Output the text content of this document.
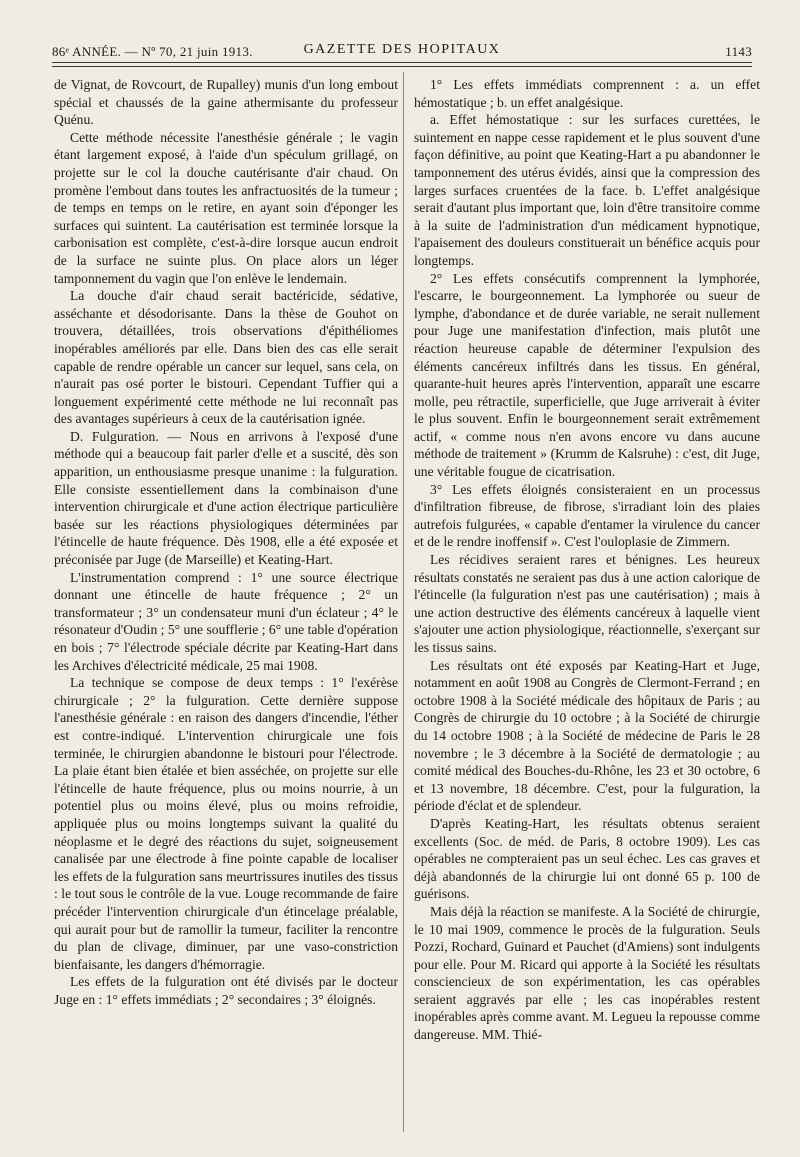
86ᵉ ANNÉE. — Nº 70, 21 juin 1913.	GAZETTE DES HOPITAUX	1143

de Vignat, de Rovcourt, de Rupalley) munis d'un long embout spécial et chaussés de la gaine athermisante du professeur Quénu.

Cette méthode nécessite l'anesthésie générale ; le vagin étant largement exposé, à l'aide d'un spéculum grillagé, on projette sur le col la douche cautérisante d'air chaud. On promène l'embout dans toutes les anfractuosités de la tumeur ; de temps en temps on le retire, en ayant soin d'éponger les surfaces qui suintent. La cautérisation est terminée lorsque la carbonisation est complète, c'est-à-dire lorsque aucun endroit de la surface ne suinte plus. On place alors un léger tamponnement du vagin que l'on enlève le lendemain.

La douche d'air chaud serait bactéricide, sédative, asséchante et désodorisante. Dans la thèse de Gouhot on trouvera, détaillées, trois observations d'épithéliomes inopérables améliorés par elle. Dans bien des cas elle serait capable de rendre opérable un cancer sur lequel, sans cela, on n'aurait pas osé porter le bistouri. Cependant Tuffier qui a longuement expérimenté cette méthode ne lui reconnaît pas des avantages supérieurs à ceux de la cautérisation ignée.

D. Fulguration. — Nous en arrivons à l'exposé d'une méthode qui a beaucoup fait parler d'elle et a suscité, dès son apparition, un enthousiasme presque unanime : la fulguration. Elle consiste essentiellement dans la combinaison d'une intervention chirurgicale et d'une action électrique particulière basée sur les réactions physiologiques déterminées par l'étincelle de haute fréquence. Dès 1908, elle a été exposée et préconisée par Juge (de Marseille) et Keating-Hart.

L'instrumentation comprend : 1° une source électrique donnant une étincelle de haute fréquence ; 2° un transformateur ; 3° un condensateur muni d'un éclateur ; 4° le résonateur d'Oudin ; 5° une soufflerie ; 6° une table d'opération en bois ; 7° l'électrode spéciale décrite par Keating-Hart dans les Archives d'électricité médicale, 25 mai 1908.

La technique se compose de deux temps : 1° l'exérèse chirurgicale ; 2° la fulguration. Cette dernière suppose l'anesthésie générale : en raison des dangers d'incendie, l'éther est contre-indiqué. L'intervention chirurgicale une fois terminée, le chirurgien abandonne le bistouri pour l'électrode. La plaie étant bien étalée et bien asséchée, on projette sur elle l'étincelle de haute fréquence, plus ou moins nourrie, à un potentiel plus ou moins élevé, plus ou moins refroidie, appliquée plus ou moins longtemps suivant la qualité du néoplasme et le degré des réactions du sujet, soigneusement canalisée par une électrode à fine pointe capable de localiser les effets de la fulguration sans meurtrissures inutiles des tissus : le tout sous le contrôle de la vue. Louge recommande de faire précéder l'intervention chirurgicale d'un étincelage préalable, qui aurait pour but de ramollir la tumeur, faciliter la rencontre du plan de clivage, diminuer, par une vaso-constriction bienfaisante, les dangers d'hémorragie.

Les effets de la fulguration ont été divisés par le docteur Juge en : 1° effets immédiats ; 2° secondaires ; 3° éloignés.

1° Les effets immédiats comprennent : a. un effet hémostatique ; b. un effet analgésique.

a. Effet hémostatique : sur les surfaces curettées, le suintement en nappe cesse rapidement et le plus souvent d'une façon définitive, au point que Keating-Hart a pu abandonner le tamponnement des utérus évidés, ainsi que la compression des larges surfaces cruentées de la face. b. L'effet analgésique serait d'autant plus important que, loin d'être transitoire comme à la suite de l'administration d'un médicament hypnotique, l'apaisement des douleurs constituerait un bénéfice acquis pour longtemps.

2° Les effets consécutifs comprennent la lymphorée, l'escarre, le bourgeonnement. La lymphorée ou sueur de lymphe, d'abondance et de durée variable, ne serait nullement pour Juge une manifestation d'infection, mais plutôt une réaction heureuse capable de déterminer l'expulsion des éléments cancéreux infiltrés dans les tissus. En général, quarante-huit heures après l'intervention, apparaît une escarre molle, peu rétractile, superficielle, que Juge arriverait à éviter le plus souvent. Enfin le bourgeonnement serait extrêmement actif, « comme nous n'en avons encore vu dans aucune méthode de traitement » (Krumm de Kalsruhe) : c'est, dit Juge, une véritable fougue de cicatrisation.

3° Les effets éloignés consisteraient en un processus d'infiltration fibreuse, de fibrose, s'irradiant loin des plaies autrefois fulgurées, « capable d'entamer la virulence du cancer et de le rendre inoffensif ». C'est l'ouloplasie de Zimmern.

Les récidives seraient rares et bénignes. Les heureux résultats constatés ne seraient pas dus à une action calorique de l'étincelle (la fulguration n'est pas une cautérisation) ; mais à une action destructive des éléments cancéreux à laquelle vient s'ajouter une action physiologique, réactionnelle, s'exerçant sur les tissus sains.

Les résultats ont été exposés par Keating-Hart et Juge, notamment en août 1908 au Congrès de Clermont-Ferrand ; en octobre 1908 à la Société médicale des hôpitaux de Paris ; au Congrès de chirurgie du 10 octobre ; à la Société de chirurgie du 14 octobre 1908 ; à la Société de médecine de Paris le 28 novembre ; le 3 décembre à la Société de dermatologie ; au comité médical des Bouches-du-Rhône, les 23 et 30 octobre, 6 et 13 novembre, 18 décembre. C'est, pour la fulguration, la période d'éclat et de splendeur.

D'après Keating-Hart, les résultats obtenus seraient excellents (Soc. de méd. de Paris, 8 octobre 1909). Les cas opérables ne compteraient pas un seul échec. Les cas graves et déjà abandonnés de la chirurgie lui ont donné 65 p. 100 de guérisons.

Mais déjà la réaction se manifeste. A la Société de chirurgie, le 10 mai 1909, commence le procès de la fulguration. Seuls Pozzi, Rochard, Guinard et Pauchet (d'Amiens) sont indulgents pour elle. Pour M. Ricard qui apporte à la Société les résultats consciencieux de son expérimentation, les cas opérables seraient aggravés par elle ; les cas inopérables restent inopérables après comme avant. M. Legueu la repousse comme dangereuse. MM. Thié-
